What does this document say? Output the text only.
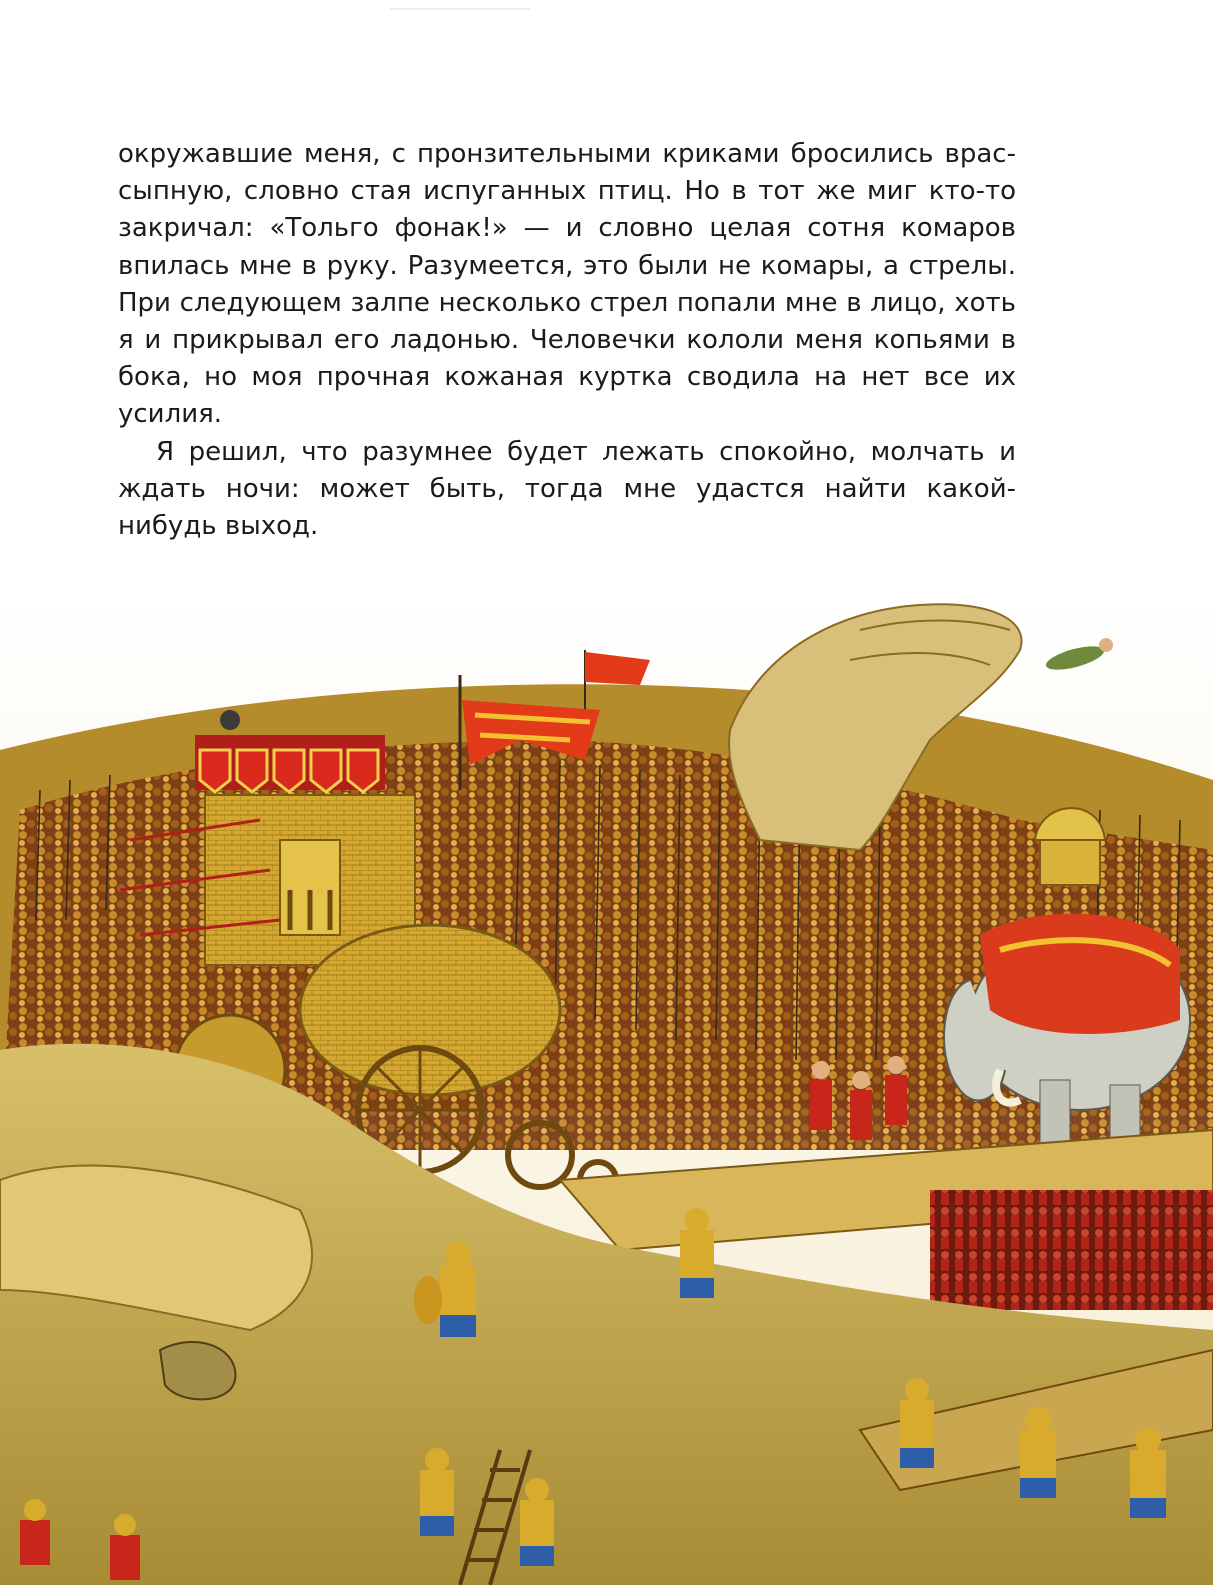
окружавшие меня, с пронзительными криками бросились врассыпную, словно стая испуганных птиц. Но в тот же миг кто-то закричал: «Тольго фонак!» — и словно целая сотня комаров впилась мне в руку. Разумеется, это были не комары, а стрелы. При следующем залпе несколько стрел попали мне в лицо, хоть я и прикрывал его ладонью. Человечки кололи меня копьями в бока, но моя прочная кожаная куртка сводила на нет все их усилия.

Я решил, что разумнее будет лежать спокойно, молчать и ждать ночи: может быть, тогда мне удастся найти какой-нибудь выход.
